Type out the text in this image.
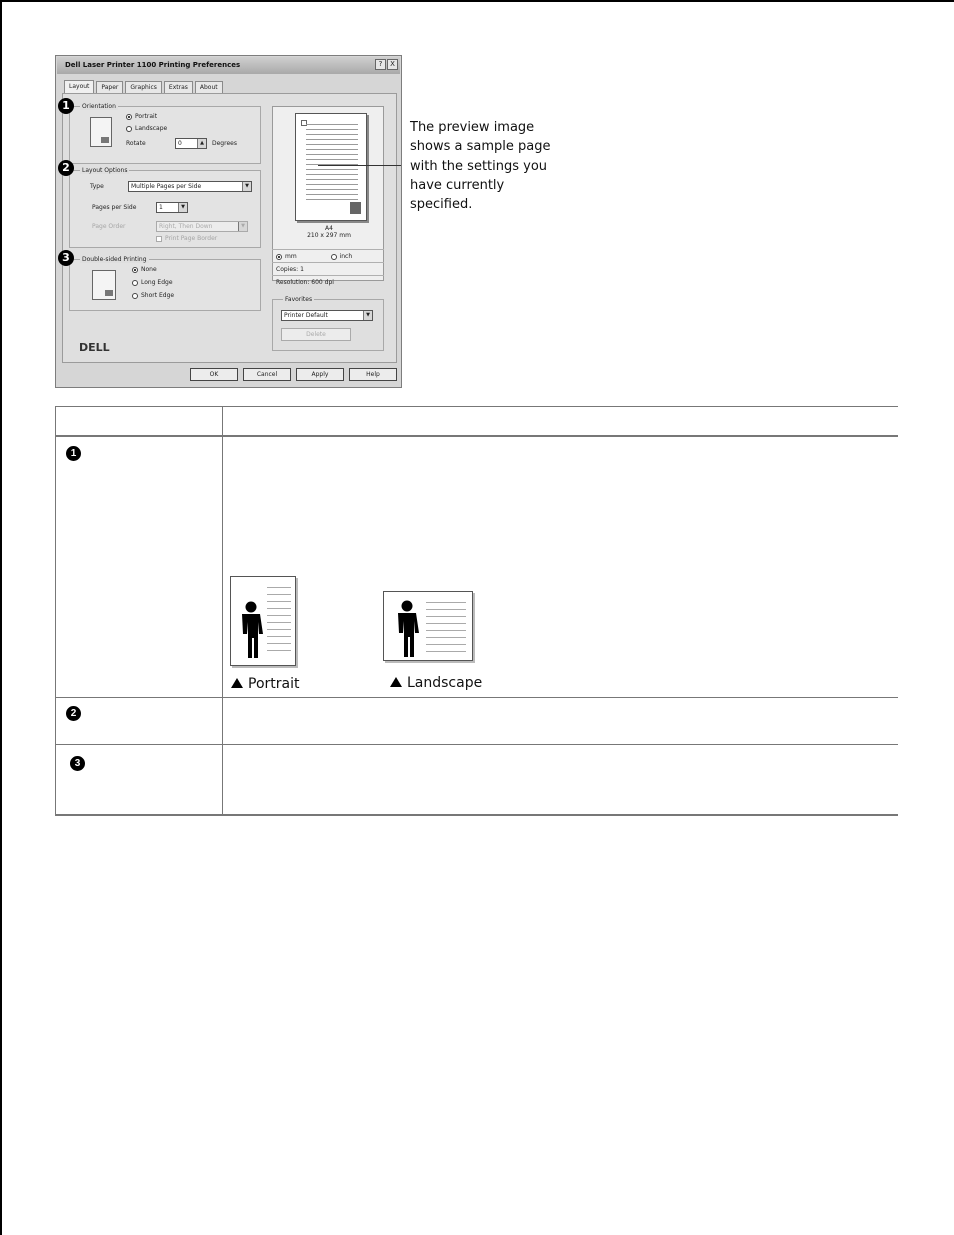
Dell Laser Printer 1100 Printing Preferences	?	X
Layout	Paper	Graphics	Extras	About
Orientation
Portrait
Landscape
Rotate	0	▲	Degrees
Layout Options
Type	Multiple Pages per Side	▼
Pages per Side	1	▼
Page Order	Right, Then Down	▼
Print Page Border
Double-sided Printing
None
Long Edge
Short Edge
A4
210 x 297 mm
mm	inch
Copies: 1
Resolution: 600 dpi
Favorites
Printer Default	▼
Delete
1
2
3
DELL
OK	Cancel	Apply	Help
The preview image shows a sample page with the settings you have currently specified.
1
2
3
Portrait	Landscape
